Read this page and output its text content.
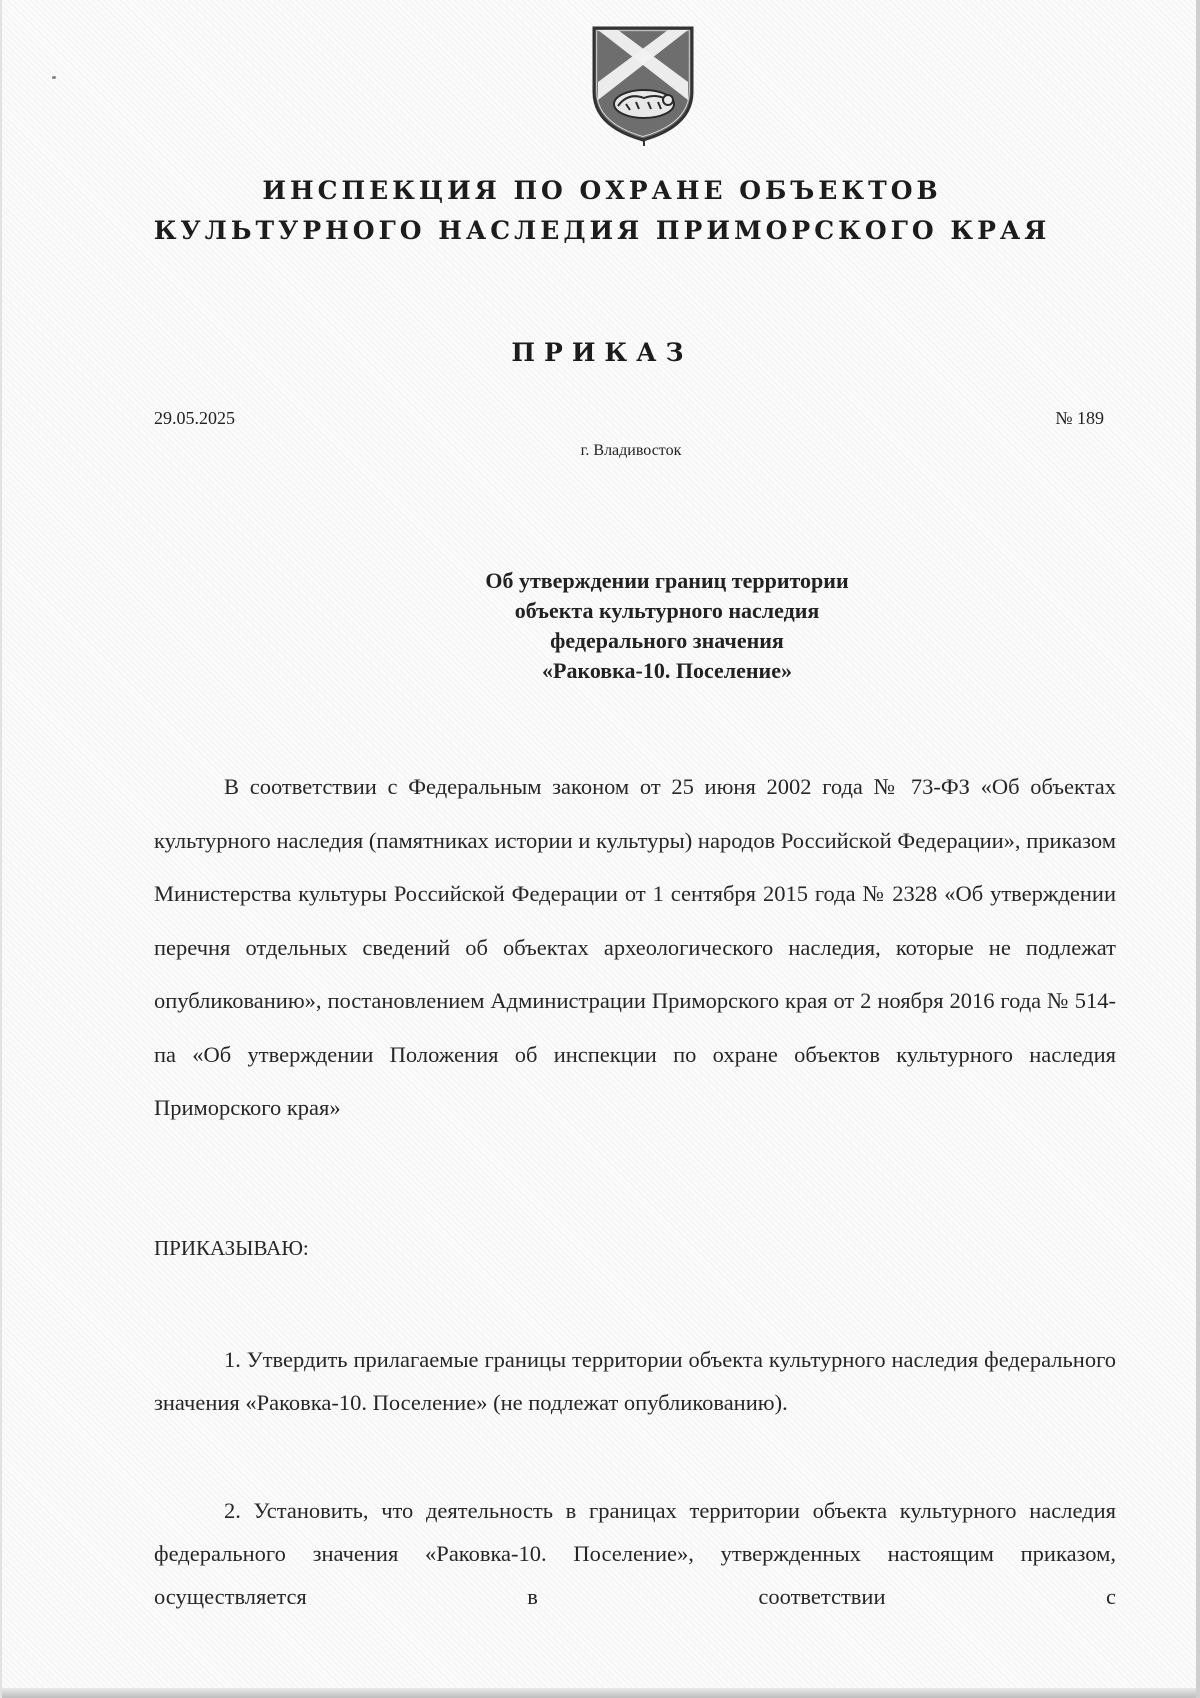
ИНСПЕКЦИЯ ПО ОХРАНЕ ОБЪЕКТОВ
КУЛЬТУРНОГО НАСЛЕДИЯ ПРИМОРСКОГО КРАЯ
ПРИКАЗ
29.05.2025	№ 189
г. Владивосток
Об утверждении границ территории
объекта культурного наследия
федерального значения
«Раковка-10. Поселение»
В соответствии с Федеральным законом от 25 июня 2002 года № 73-ФЗ «Об объектах культурного наследия (памятниках истории и культуры) народов Российской Федерации», приказом Министерства культуры Российской Федерации от 1 сентября 2015 года № 2328 «Об утверждении перечня отдельных сведений об объектах археологического наследия, которые не подлежат опубликованию», постановлением Администрации Приморского края от 2 ноября 2016 года № 514-па «Об утверждении Положения об инспекции по охране объектов культурного наследия Приморского края»
ПРИКАЗЫВАЮ:
1. Утвердить прилагаемые границы территории объекта культурного наследия федерального значения «Раковка-10. Поселение» (не подлежат опубликованию).
2. Установить, что деятельность в границах территории объекта культурного наследия федерального значения «Раковка-10. Поселение», утвержденных настоящим приказом, осуществляется в соответствии с
